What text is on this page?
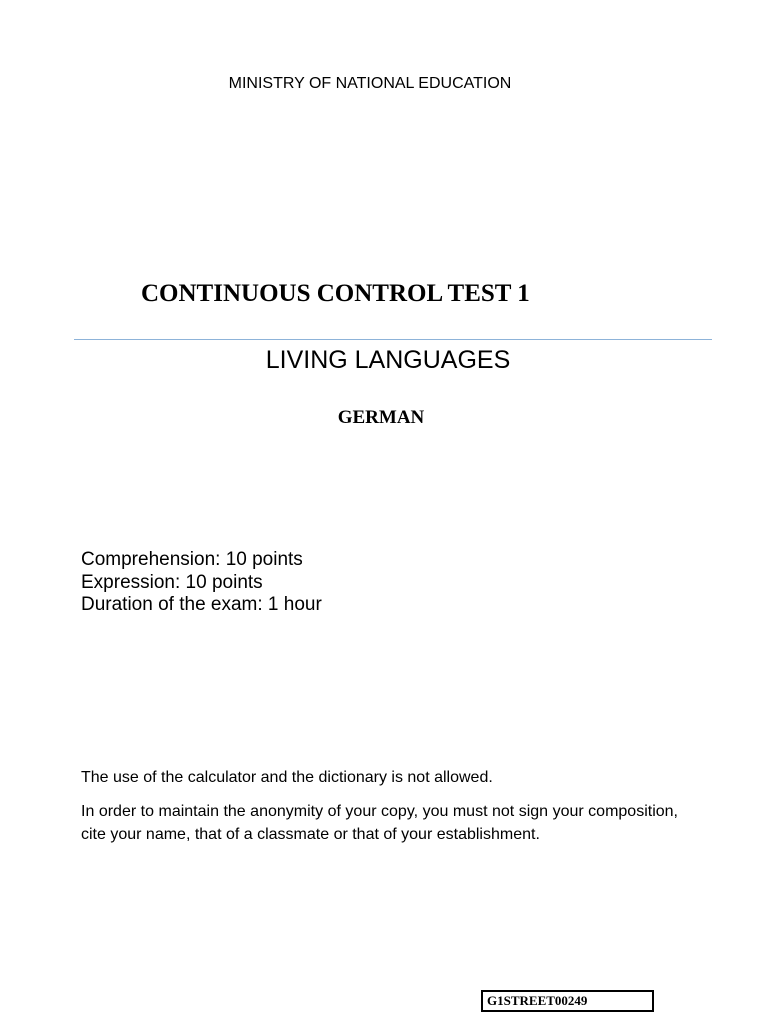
MINISTRY OF NATIONAL EDUCATION
CONTINUOUS CONTROL TEST 1
LIVING LANGUAGES
GERMAN
Comprehension: 10 points
Expression: 10 points
Duration of the exam: 1 hour

The use of the calculator and the dictionary is not allowed.

In order to maintain the anonymity of your copy, you must not sign your composition, cite your name, that of a classmate or that of your establishment.

G1STREET00249
